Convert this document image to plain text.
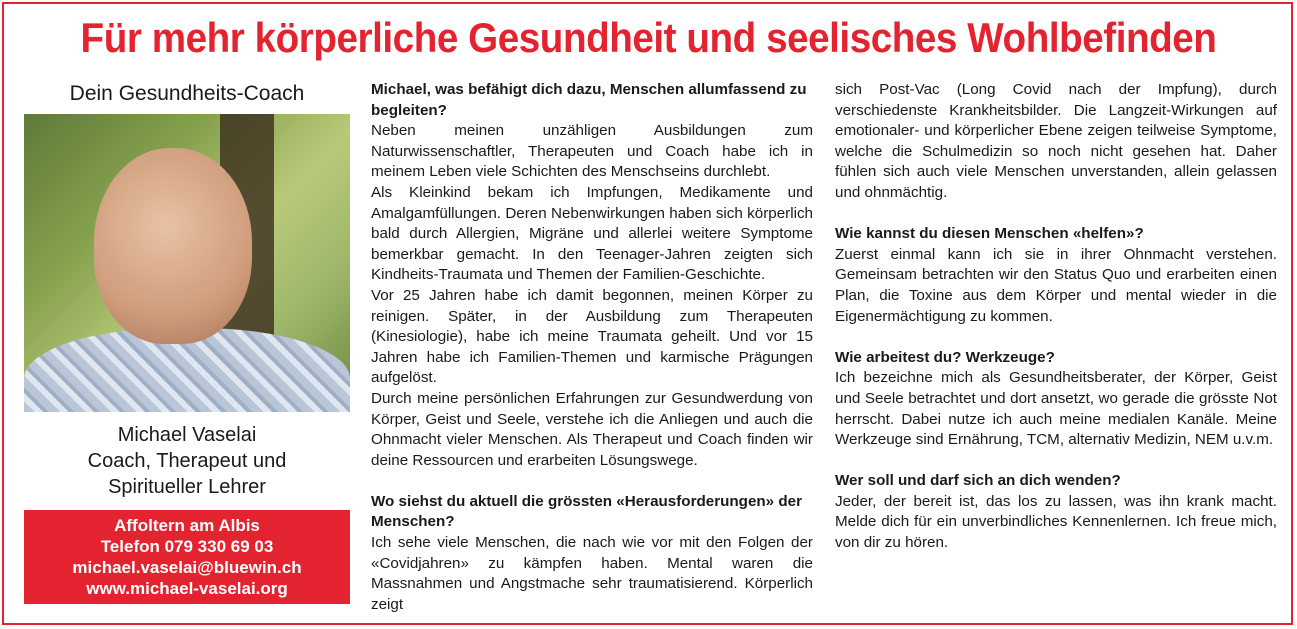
Für mehr körperliche Gesundheit und seelisches Wohlbefinden
Dein Gesundheits-Coach
Michael Vaselai
Coach, Therapeut und
Spiritueller Lehrer
Affoltern am Albis
Telefon 079 330 69 03
michael.vaselai@bluewin.ch
www.michael-vaselai.org

Michael, was befähigt dich dazu, Menschen allumfassend zu begleiten?

Neben meinen unzähligen Ausbildungen zum Naturwissenschaftler, Therapeuten und Coach habe ich in meinem Leben viele Schichten des Menschseins durchlebt.

Als Kleinkind bekam ich Impfungen, Medikamente und Amalgamfüllungen. Deren Nebenwirkungen haben sich körperlich bald durch Allergien, Migräne und allerlei weitere Symptome bemerkbar gemacht. In den Teenager-Jahren zeigten sich Kindheits-Traumata und Themen der Familien-Geschichte.

Vor 25 Jahren habe ich damit begonnen, meinen Körper zu reinigen. Später, in der Ausbildung zum Therapeuten (Kinesiologie), habe ich meine Traumata geheilt. Und vor 15 Jahren habe ich Familien-Themen und karmische Prägungen aufgelöst.

Durch meine persönlichen Erfahrungen zur Gesundwerdung von Körper, Geist und Seele, verstehe ich die Anliegen und auch die Ohnmacht vieler Menschen. Als Therapeut und Coach finden wir deine Ressourcen und erarbeiten Lösungswege.

Wo siehst du aktuell die grössten «Herausforderungen» der Menschen?

Ich sehe viele Menschen, die nach wie vor mit den Folgen der «Covidjahren» zu kämpfen haben. Mental waren die Massnahmen und Angstmache sehr traumatisierend. Körperlich zeigt

sich Post-Vac (Long Covid nach der Impfung), durch verschiedenste Krankheitsbilder. Die Langzeit-Wirkungen auf emotionaler- und körperlicher Ebene zeigen teilweise Symptome, welche die Schulmedizin so noch nicht gesehen hat. Daher fühlen sich auch viele Menschen unverstanden, allein gelassen und ohnmächtig.

Wie kannst du diesen Menschen «helfen»?

Zuerst einmal kann ich sie in ihrer Ohnmacht verstehen. Gemeinsam betrachten wir den Status Quo und erarbeiten einen Plan, die Toxine aus dem Körper und mental wieder in die Eigenermächtigung zu kommen.

Wie arbeitest du? Werkzeuge?

Ich bezeichne mich als Gesundheitsberater, der Körper, Geist und Seele betrachtet und dort ansetzt, wo gerade die grösste Not herrscht. Dabei nutze ich auch meine medialen Kanäle. Meine Werkzeuge sind Ernährung, TCM, alternativ Medizin, NEM u.v.m.

Wer soll und darf sich an dich wenden?

Jeder, der bereit ist, das los zu lassen, was ihn krank macht. Melde dich für ein unverbindliches Kennenlernen. Ich freue mich, von dir zu hören.
